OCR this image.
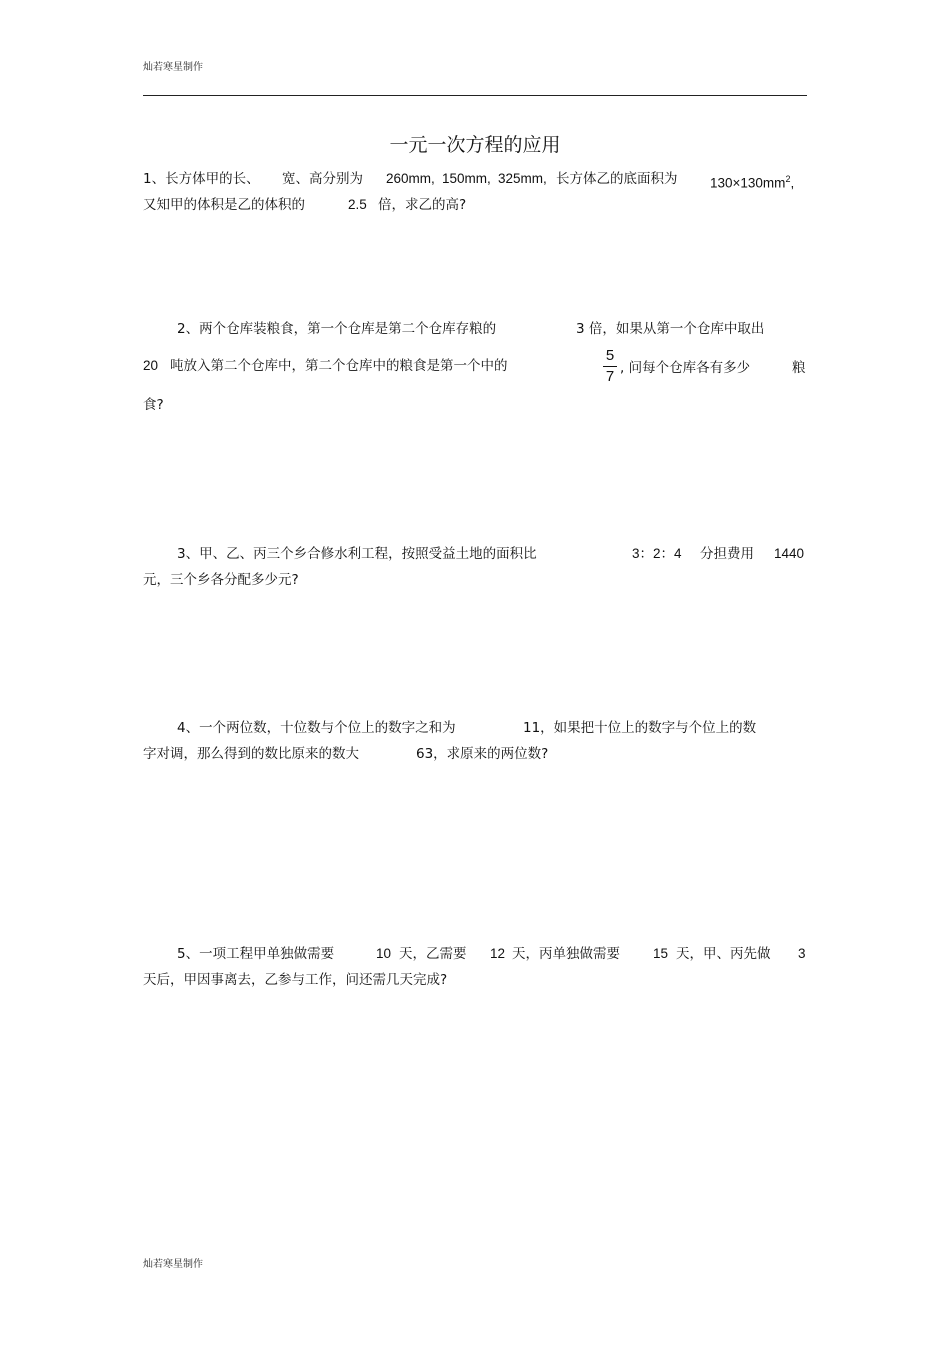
灿若寒星制作
一元一次方程的应用
1、长方体甲的长、 宽、高分别为 260mm, 150mm, 325mm, 长方体乙的底面积为 $130\times 130mm^2$,
又知甲的体积是乙的体积的	2.5 倍，求乙的高?
2、两个仓库装粮食，第一个仓库是第二个仓库存粮的	3 倍，如果从第一个仓库中取出
20 吨放入第二个仓库中，第二个仓库中的粮食是第一个中的
5
7 , 问每个仓库各有多少	粮
食?
3、甲、乙、丙三个乡合修水利工程，按照受益土地的面积比	3：2：4 分担费用 1440
元，三个乡各分配多少元?
4、一个两位数，十位数与个位上的数字之和为	11，如果把十位上的数字与个位上的数
字对调，那么得到的数比原来的数大	63，求原来的两位数?
5、一项工程甲单独做需要	10 天，乙需要 12 天，丙单独做需要 15 天，甲、丙先做 3
天后，甲因事离去，乙参与工作，问还需几天完成?
灿若寒星制作
